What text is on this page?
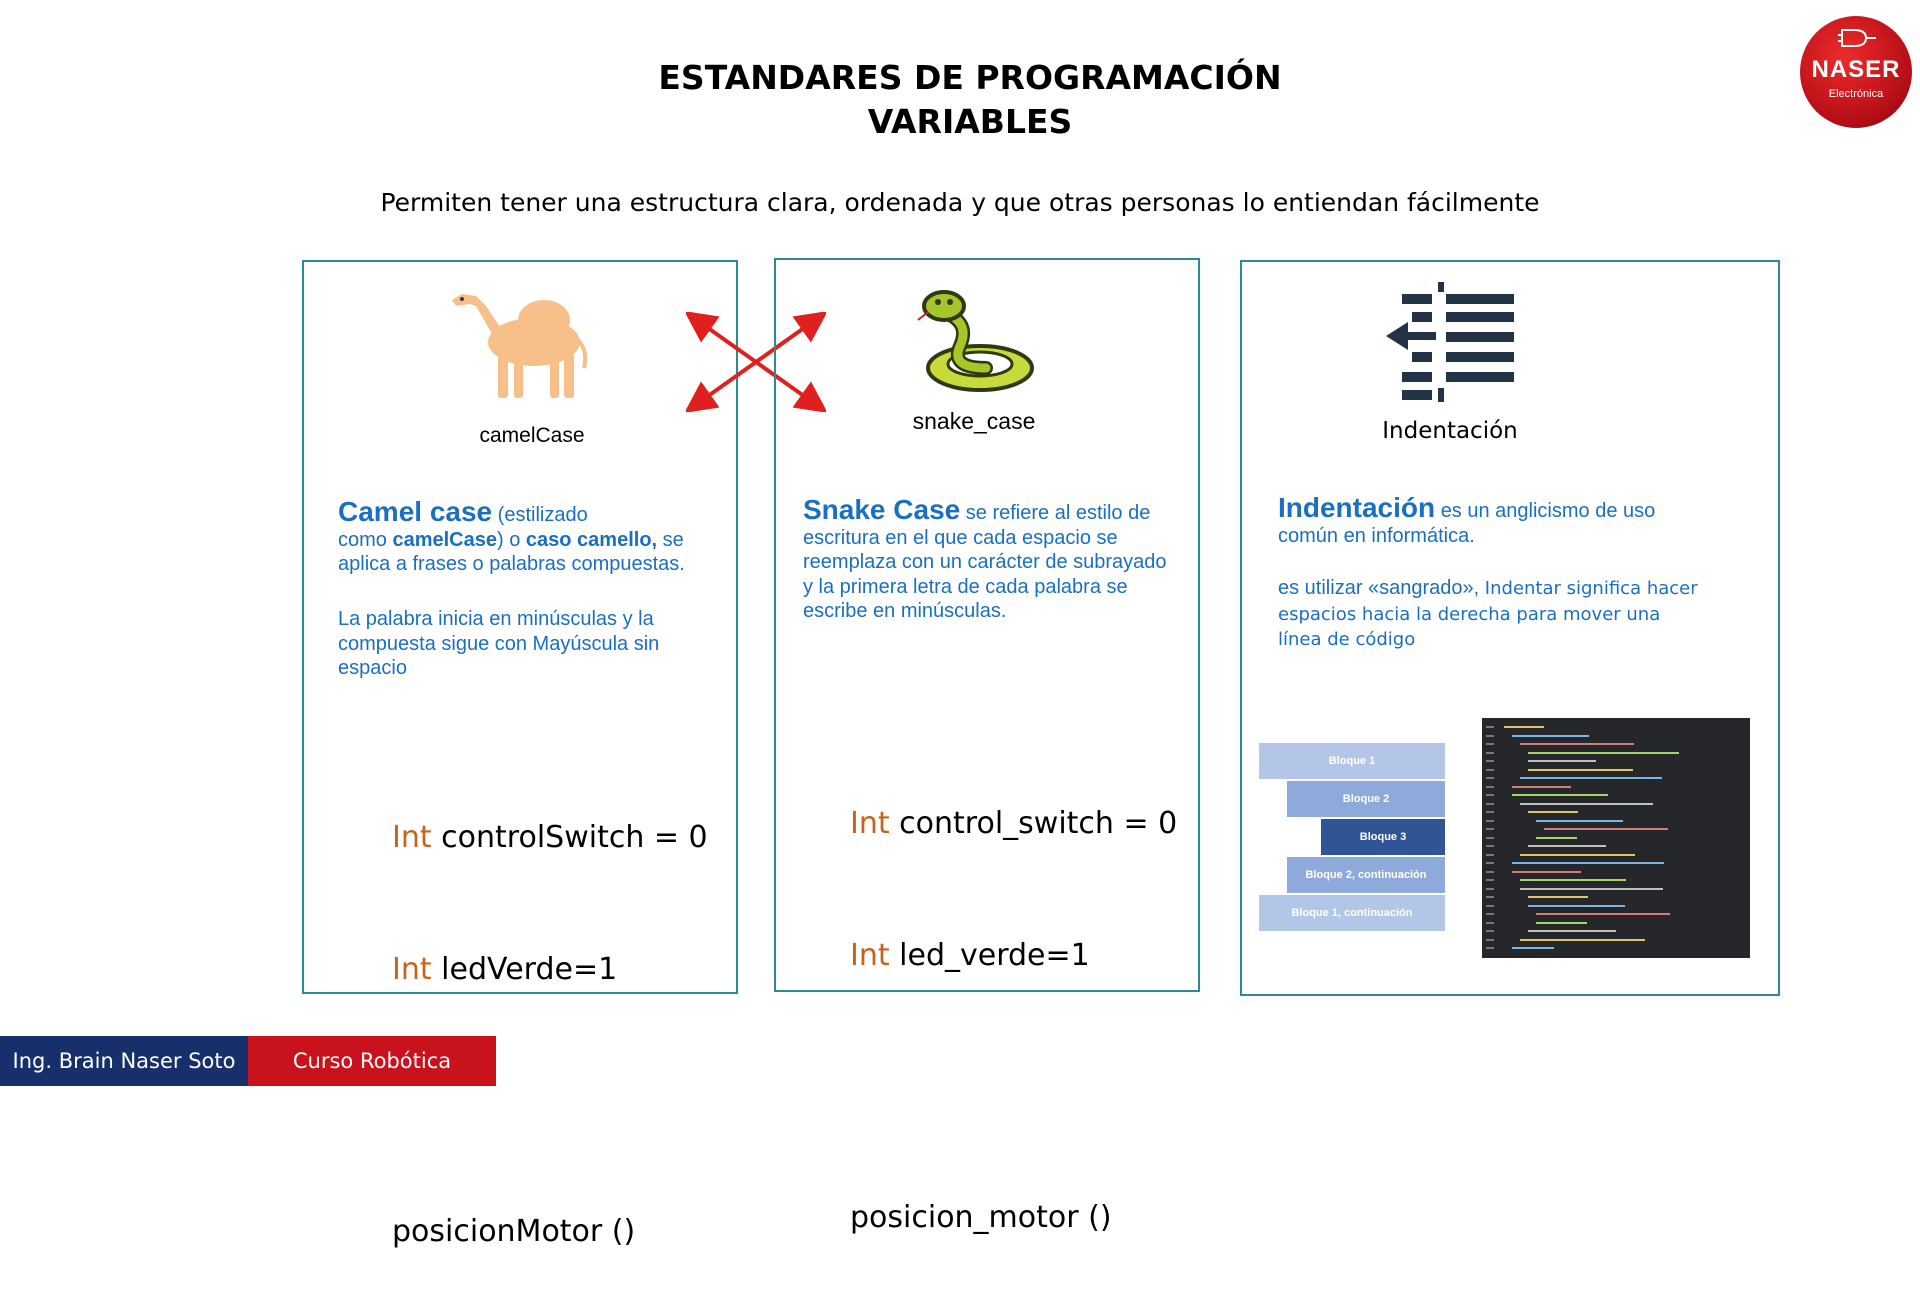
ESTANDARES DE PROGRAMACIÓN
VARIABLES
Permiten tener una estructura clara, ordenada y que otras personas lo entiendan fácilmente
NASER
Electrónica
camelCase
Camel case (estilizado
como camelCase) o caso camello, se aplica a frases o palabras compuestas.
La palabra inicia en minúsculas y la compuesta sigue con Mayúscula sin espacio

Int controlSwitch = 0

Int ledVerde=1

posicionMotor ()

snake_case
Snake Case se refiere al estilo de escritura en el que cada espacio se reemplaza con un carácter de subrayado y la primera letra de cada palabra se escribe en minúsculas.

Int control_switch = 0

Int led_verde=1

posicion_motor ()

Indentación
Indentación es un anglicismo de uso común en informática.
es utilizar «sangrado», Indentar significa hacer espacios hacia la derecha para mover una línea de código
Bloque 1
Bloque 2
Bloque 3
Bloque 2, continuación
Bloque 1, continuación
Ing. Brain Naser Soto	Curso Robótica
